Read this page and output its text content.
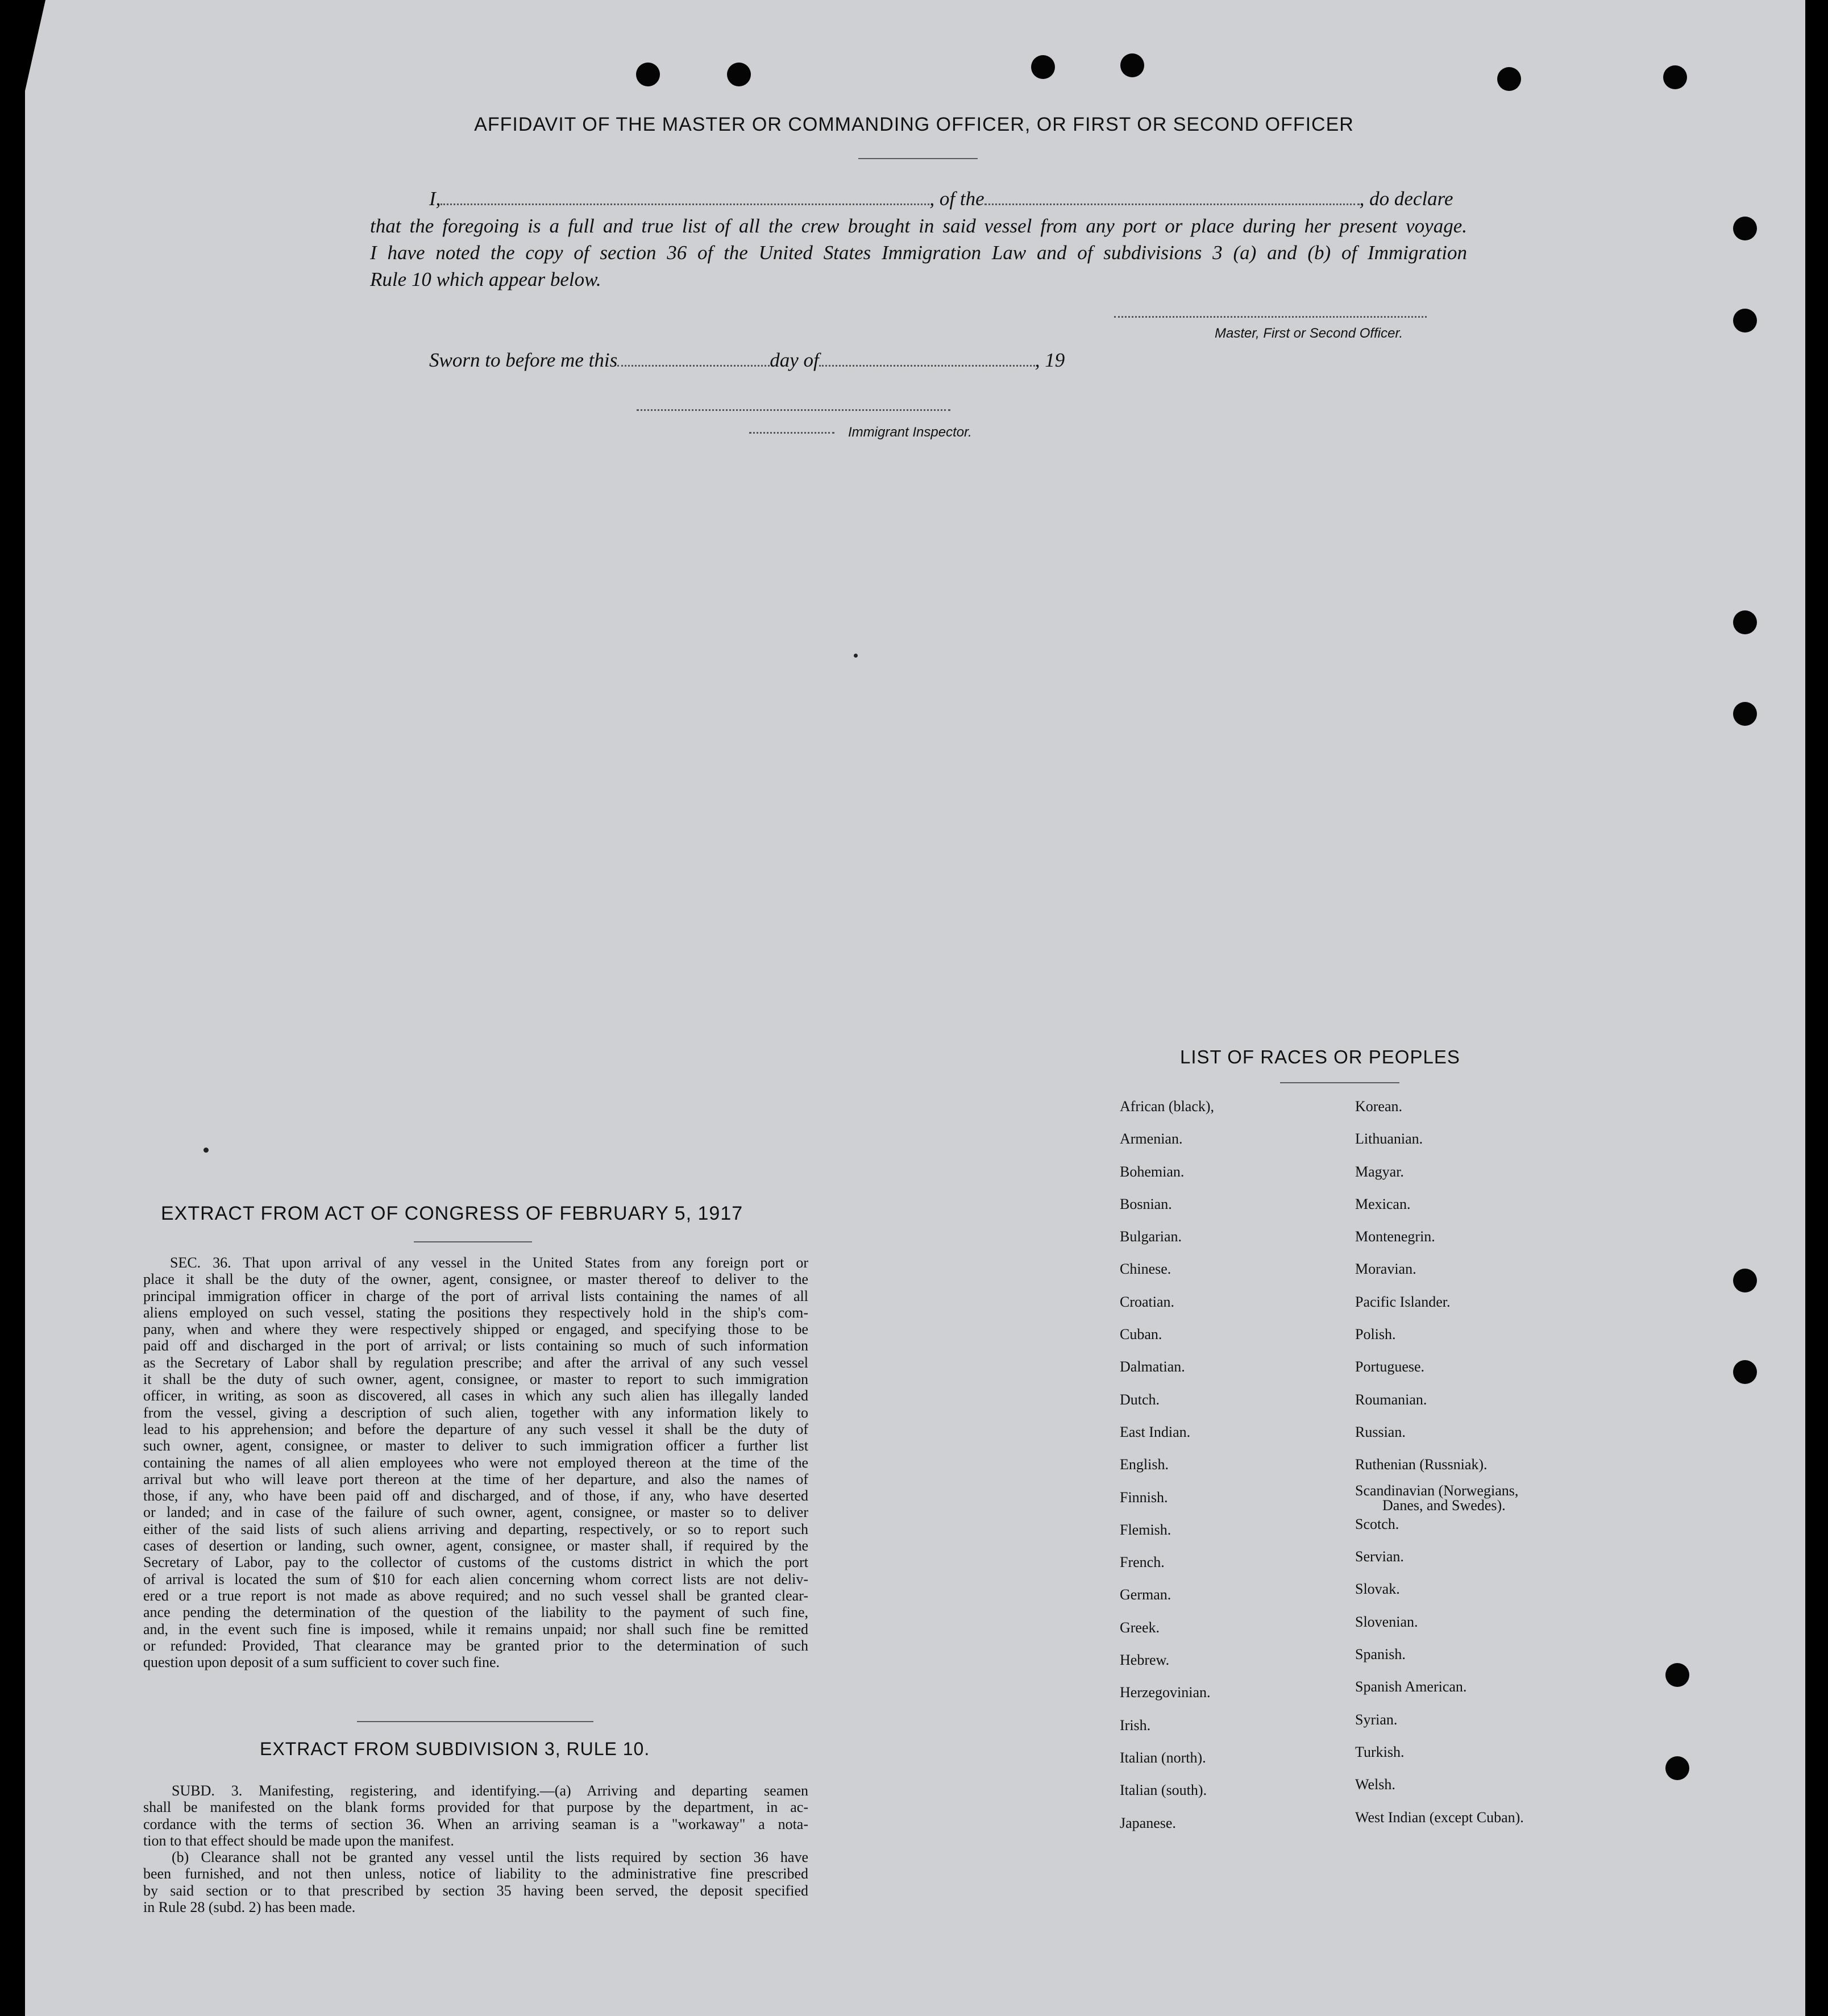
AFFIDAVIT OF THE MASTER OR COMMANDING OFFICER, OR FIRST OR SECOND OFFICER
I,	, of the	, do declare
that the foregoing is a full and true list of all the crew brought in said vessel from any port or place during her present voyage.
I have noted the copy of section 36 of the United States Immigration Law and of subdivisions 3 (a) and (b) of Immigration
Rule 10 which appear below.
Master, First or Second Officer.
Sworn to before me this	day of	, 19
Immigrant Inspector.
LIST OF RACES OR PEOPLES
African (black),
Armenian.
Bohemian.
Bosnian.
Bulgarian.
Chinese.
Croatian.
Cuban.
Dalmatian.
Dutch.
East Indian.
English.
Finnish.
Flemish.
French.
German.
Greek.
Hebrew.
Herzegovinian.
Irish.
Italian (north).
Italian (south).
Japanese.
Korean.
Lithuanian.
Magyar.
Mexican.
Montenegrin.
Moravian.
Pacific Islander.
Polish.
Portuguese.
Roumanian.
Russian.
Ruthenian (Russniak).
Scandinavian (Norwegians,
Danes, and Swedes).
Scotch.
Servian.
Slovak.
Slovenian.
Spanish.
Spanish American.
Syrian.
Turkish.
Welsh.
West Indian (except Cuban).
EXTRACT FROM ACT OF CONGRESS OF FEBRUARY 5, 1917
SEC. 36. That upon arrival of any vessel in the United States from any foreign port or
place it shall be the duty of the owner, agent, consignee, or master thereof to deliver to the
principal immigration officer in charge of the port of arrival lists containing the names of all
aliens employed on such vessel, stating the positions they respectively hold in the ship's com-
pany, when and where they were respectively shipped or engaged, and specifying those to be
paid off and discharged in the port of arrival; or lists containing so much of such information
as the Secretary of Labor shall by regulation prescribe; and after the arrival of any such vessel
it shall be the duty of such owner, agent, consignee, or master to report to such immigration
officer, in writing, as soon as discovered, all cases in which any such alien has illegally landed
from the vessel, giving a description of such alien, together with any information likely to
lead to his apprehension; and before the departure of any such vessel it shall be the duty of
such owner, agent, consignee, or master to deliver to such immigration officer a further list
containing the names of all alien employees who were not employed thereon at the time of the
arrival but who will leave port thereon at the time of her departure, and also the names of
those, if any, who have been paid off and discharged, and of those, if any, who have deserted
or landed; and in case of the failure of such owner, agent, consignee, or master so to deliver
either of the said lists of such aliens arriving and departing, respectively, or so to report such
cases of desertion or landing, such owner, agent, consignee, or master shall, if required by the
Secretary of Labor, pay to the collector of customs of the customs district in which the port
of arrival is located the sum of $10 for each alien concerning whom correct lists are not deliv-
ered or a true report is not made as above required; and no such vessel shall be granted clear-
ance pending the determination of the question of the liability to the payment of such fine,
and, in the event such fine is imposed, while it remains unpaid; nor shall such fine be remitted
or refunded: Provided, That clearance may be granted prior to the determination of such
question upon deposit of a sum sufficient to cover such fine.
EXTRACT FROM SUBDIVISION 3, RULE 10.
SUBD. 3. Manifesting, registering, and identifying.—(a) Arriving and departing seamen
shall be manifested on the blank forms provided for that purpose by the department, in ac-
cordance with the terms of section 36. When an arriving seaman is a "workaway" a nota-
tion to that effect should be made upon the manifest.
(b) Clearance shall not be granted any vessel until the lists required by section 36 have
been furnished, and not then unless, notice of liability to the administrative fine prescribed
by said section or to that prescribed by section 35 having been served, the deposit specified
in Rule 28 (subd. 2) has been made.
